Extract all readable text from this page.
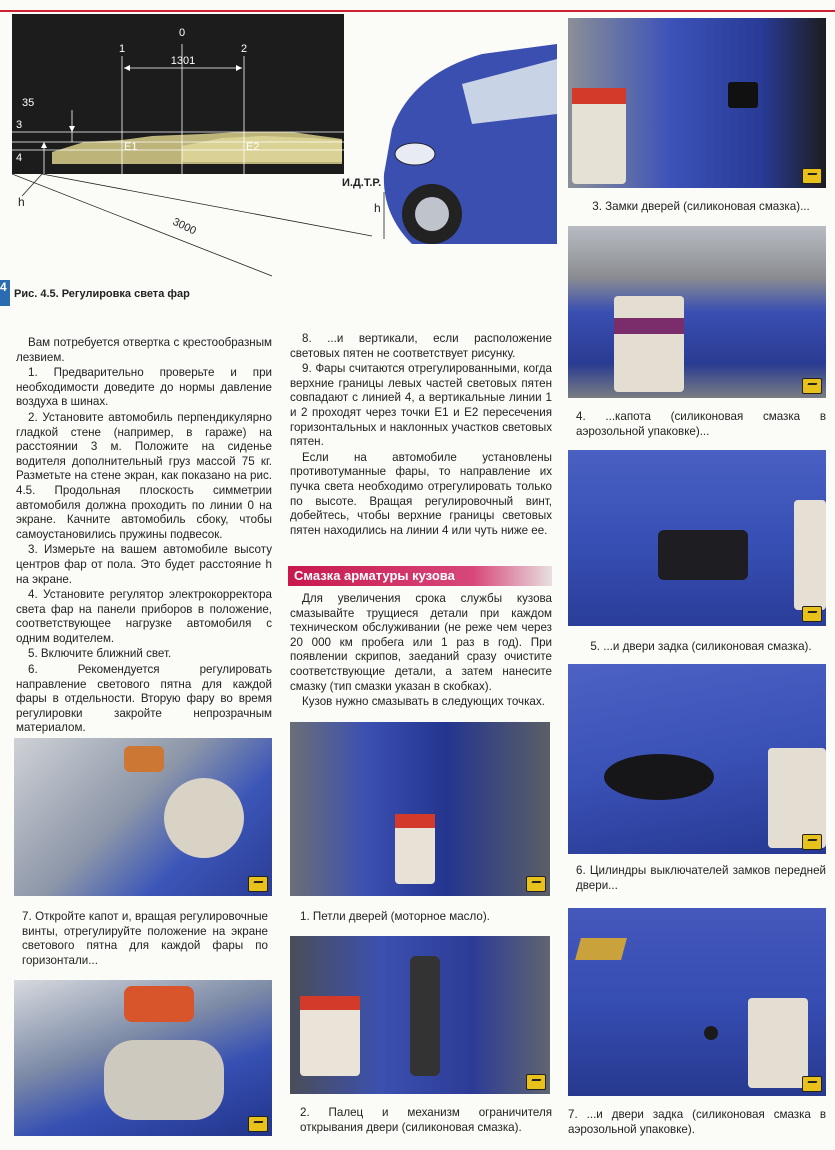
0
1	2
1301
35
3
4
E1	E2
h
3000
И.Д.Т.Р.
h
4 Рис. 4.5. Регулировка света фар

Вам потребуется отвертка с крестообразным лезвием.

1. Предварительно проверьте и при необходимости доведите до нормы давление воздуха в шинах.

2. Установите автомобиль перпендикулярно гладкой стене (например, в гараже) на расстоянии 3 м. Положите на сиденье водителя дополнительный груз массой 75 кг. Разметьте на стене экран, как показано на рис. 4.5. Продольная плоскость симметрии автомобиля должна проходить по линии 0 на экране. Качните автомобиль сбоку, чтобы самоустановились пружины подвесок.

3. Измерьте на вашем автомобиле высоту центров фар от пола. Это будет расстояние h на экране.

4. Установите регулятор электрокорректора света фар на панели приборов в положение, соответствующее нагрузке автомобиля с одним водителем.

5. Включите ближний свет.

6. Рекомендуется регулировать направление светового пятна для каждой фары в отдельности. Вторую фару во время регулировки закройте непрозрачным материалом.

7. Откройте капот и, вращая регулировочные винты, отрегулируйте положение на экране светового пятна для каждой фары по горизонтали...

8. ...и вертикали, если расположение световых пятен не соответствует рисунку.

9. Фары считаются отрегулированными, когда верхние границы левых частей световых пятен совпадают с линией 4, а вертикальные линии 1 и 2 проходят через точки E1 и E2 пересечения горизонтальных и наклонных участков световых пятен.

Если на автомобиле установлены противотуманные фары, то направление их пучка света необходимо отрегулировать только по высоте. Вращая регулировочный винт, добейтесь, чтобы верхние границы световых пятен находились на линии 4 или чуть ниже ее.

Смазка арматуры кузова

Для увеличения срока службы кузова смазывайте трущиеся детали при каждом техническом обслуживании (не реже чем через 20 000 км пробега или 1 раз в год). При появлении скрипов, заеданий сразу очистите соответствующие детали, а затем нанесите смазку (тип смазки указан в скобках).

Кузов нужно смазывать в следующих точках.

1. Петли дверей (моторное масло).
2. Палец и механизм ограничителя открывания двери (силиконовая смазка).
3. Замки дверей (силиконовая смазка)...
4. ...капота (силиконовая смазка в аэрозольной упаковке)...
5. ...и двери задка (силиконовая смазка).
6. Цилиндры выключателей замков передней двери...
7. ...и двери задка (силиконовая смазка в аэрозольной упаковке).
